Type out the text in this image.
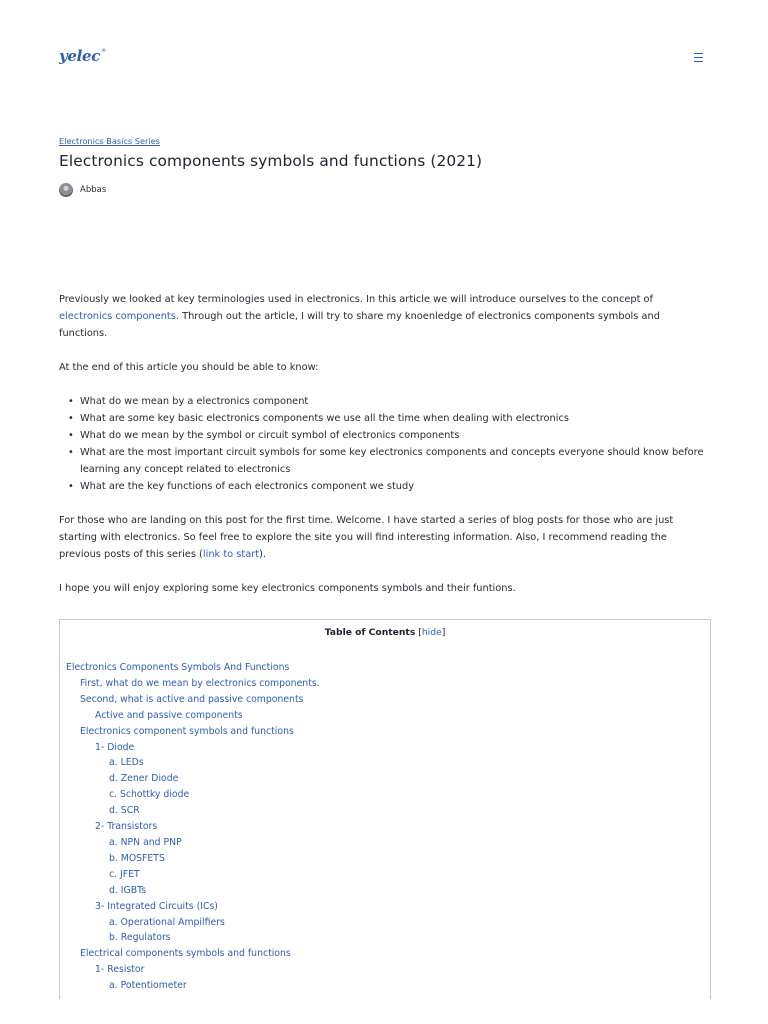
yelec®
Electronics Basics Series
Electronics components symbols and functions (2021)
Abbas

Previously we looked at key terminologies used in electronics. In this article we will introduce ourselves to the concept of electronics components. Through out the article, I will try to share my knoenledge of electronics components symbols and functions.

At the end of this article you should be able to know:

• What do we mean by a electronics component
• What are some key basic electronics components we use all the time when dealing with electronics
• What do we mean by the symbol or circuit symbol of electronics components
• What are the most important circuit symbols for some key electronics components and concepts everyone should know before learning any concept related to electronics
• What are the key functions of each electronics component we study

For those who are landing on this post for the first time. Welcome. I have started a series of blog posts for those who are just starting with electronics. So feel free to explore the site you will find interesting information. Also, I recommend reading the previous posts of this series (link to start).

I hope you will enjoy exploring some key electronics components symbols and their funtions.

Table of Contents [hide]
Electronics Components Symbols And Functions
First, what do we mean by electronics components.
Second, what is active and passive components
Active and passive components
Electronics component symbols and functions
1- Diode
a. LEDs
d. Zener Diode
c. Schottky diode
d. SCR
2- Transistors
a. NPN and PNP
b. MOSFETS
c. JFET
d. IGBTs
3- Integrated Circuits (ICs)
a. Operational Ampilfiers
b. Regulators
Electrical components symbols and functions
1- Resistor
a. Potentiometer
